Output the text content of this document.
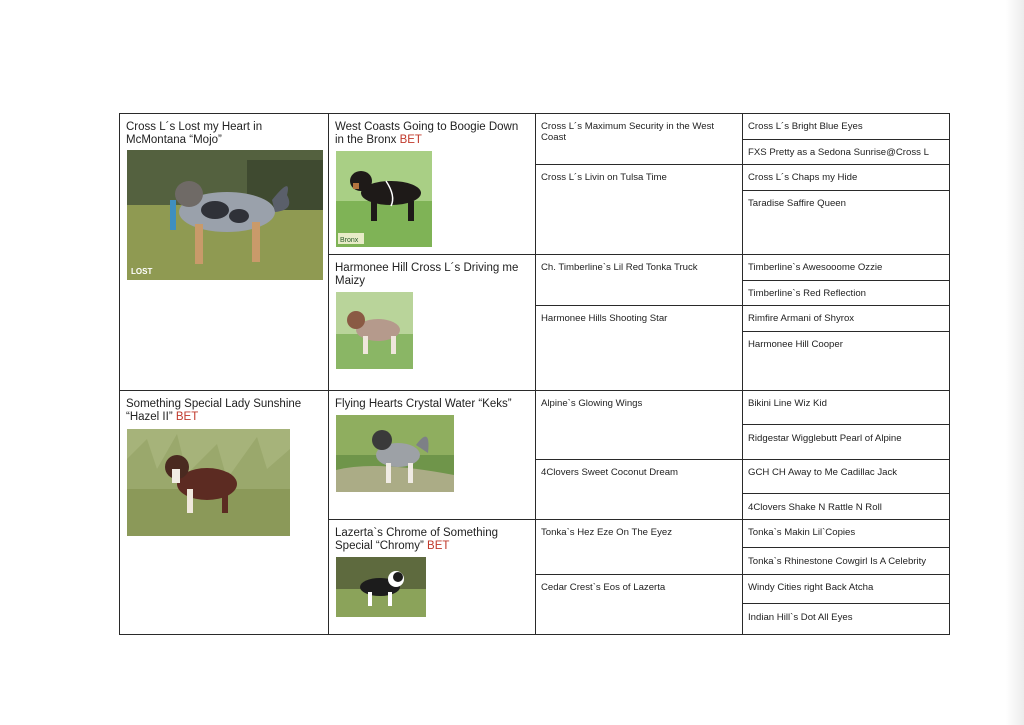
Cross L´s Lost my Heart in McMontana “Mojo”
LOST
Something Special Lady Sunshine “Hazel II” BET
West Coasts Going to Boogie Down in the Bronx BET
Bronx
Harmonee Hill Cross L´s Driving me Maizy
Flying Hearts Crystal Water “Keks”
Lazerta`s Chrome of Something Special “Chromy” BET
Cross L´s Maximum Security in the West Coast
Cross L´s Livin on Tulsa Time
Ch. Timberline`s Lil Red Tonka Truck
Harmonee Hills Shooting Star
Alpine`s Glowing Wings
4Clovers Sweet Coconut Dream
Tonka`s Hez Eze On The Eyez
Cedar Crest`s Eos of Lazerta
Cross L´s Bright Blue Eyes
FXS Pretty as a Sedona Sunrise@Cross L
Cross L´s Chaps my Hide
Taradise Saffire Queen
Timberline`s Awesooome Ozzie
Timberline`s Red Reflection
Rimfire Armani of Shyrox
Harmonee Hill Cooper
Bikini Line Wiz Kid
Ridgestar Wigglebutt Pearl of Alpine
GCH CH Away to Me Cadillac Jack
4Clovers Shake N Rattle N Roll
Tonka`s Makin Lil`Copies
Tonka`s Rhinestone Cowgirl Is A Celebrity
Windy Cities right Back Atcha
Indian Hill`s Dot All Eyes
